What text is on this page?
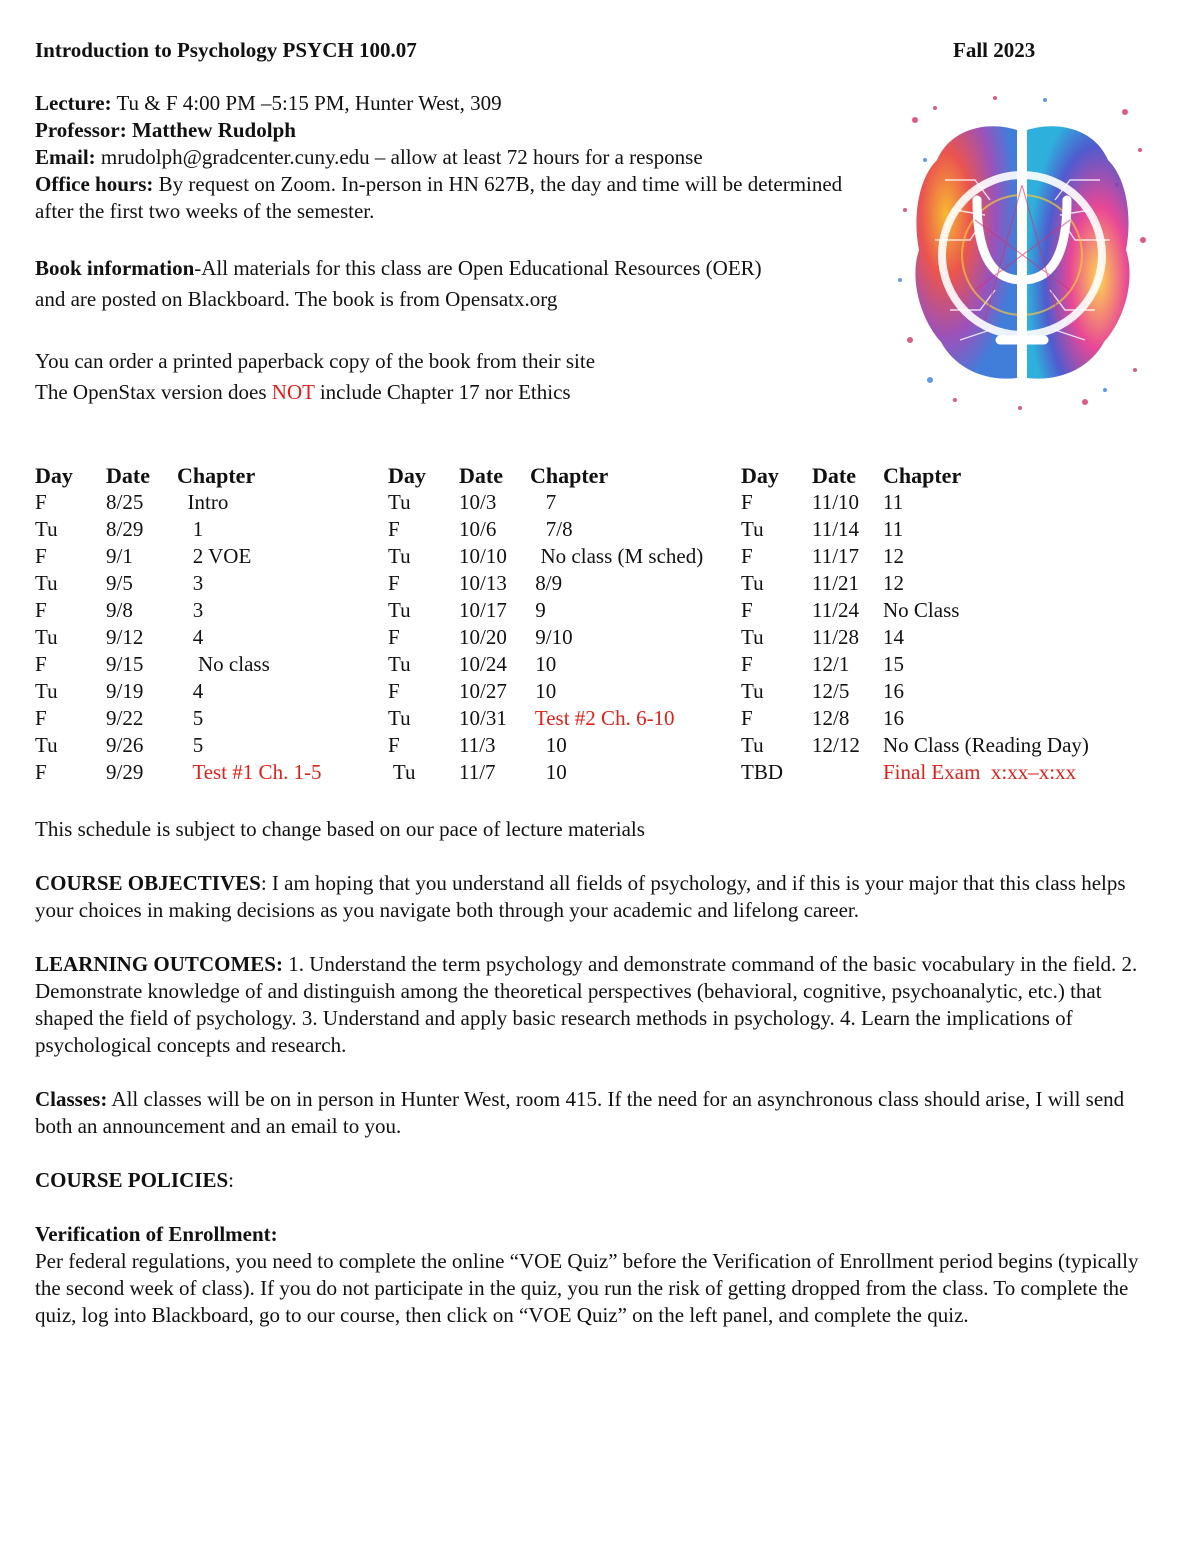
Introduction to Psychology PSYCH 100.07	Fall 2023

Lecture: Tu & F 4:00 PM –5:15 PM, Hunter West, 309

Professor: Matthew Rudolph

Email: mrudolph@gradcenter.cuny.edu – allow at least 72 hours for a response

Office hours: By request on Zoom. In-person in HN 627B, the day and time will be determined after the first two weeks of the semester.

Book information-All materials for this class are Open Educational Resources (OER)

and are posted on Blackboard. The book is from Opensatx.org

You can order a printed paperback copy of the book from their site

The OpenStax version does NOT include Chapter 17 nor Ethics

Day	Date	Chapter
F	8/25	Intro
Tu	8/29	1
F	9/1	2 VOE
Tu	9/5	3
F	9/8	3
Tu	9/12	4
F	9/15	No class
Tu	9/19	4
F	9/22	5
Tu	9/26	5
F	9/29	Test #1 Ch. 1-5
Day	Date	Chapter
Tu	10/3	7
F	10/6	7/8
Tu	10/10	No class (M sched)
F	10/13	8/9
Tu	10/17	9
F	10/20	9/10
Tu	10/24	10
F	10/27	10
Tu	10/31	Test #2 Ch. 6-10
F	11/3	10
Tu	11/7	10
Day	Date	Chapter
F	11/10	11
Tu	11/14	11
F	11/17	12
Tu	11/21	12
F	11/24	No Class
Tu	11/28	14
F	12/1	15
Tu	12/5	16
F	12/8	16
Tu	12/12	No Class (Reading Day)
TBD		Final Exam  x:xx–x:xx

This schedule is subject to change based on our pace of lecture materials

COURSE OBJECTIVES: I am hoping that you understand all fields of psychology, and if this is your major that this class helps your choices in making decisions as you navigate both through your academic and lifelong career.

LEARNING OUTCOMES: 1. Understand the term psychology and demonstrate command of the basic vocabulary in the field. 2. Demonstrate knowledge of and distinguish among the theoretical perspectives (behavioral, cognitive, psychoanalytic, etc.) that shaped the field of psychology. 3. Understand and apply basic research methods in psychology. 4. Learn the implications of psychological concepts and research.

Classes: All classes will be on in person in Hunter West, room 415. If the need for an asynchronous class should arise, I will send both an announcement and an email to you.

COURSE POLICIES:

Verification of Enrollment:
Per federal regulations, you need to complete the online “VOE Quiz” before the Verification of Enrollment period begins (typically the second week of class). If you do not participate in the quiz, you run the risk of getting dropped from the class. To complete the quiz, log into Blackboard, go to our course, then click on “VOE Quiz” on the left panel, and complete the quiz.
